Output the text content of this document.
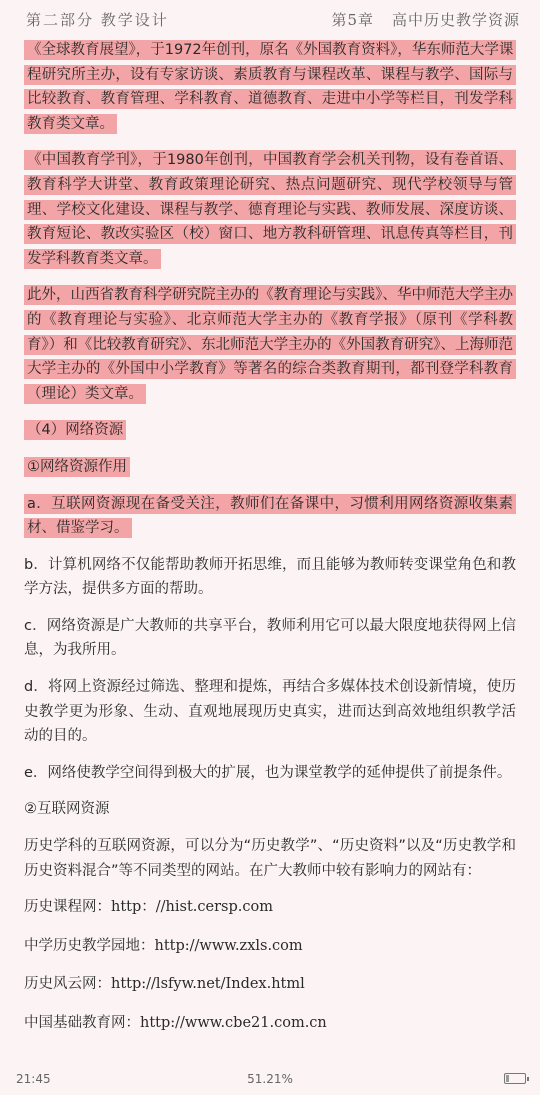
第二部分 教学设计	第5章 高中历史教学资源

《全球教育展望》，于1972年创刊，原名《外国教育资料》，华东师范大学课程研究所主办，设有专家访谈、素质教育与课程改革、课程与教学、国际与比较教育、教育管理、学科教育、道德教育、走进中小学等栏目，刊发学科教育类文章。

《中国教育学刊》，于1980年创刊，中国教育学会机关刊物，设有卷首语、教育科学大讲堂、教育政策理论研究、热点问题研究、现代学校领导与管理、学校文化建设、课程与教学、德育理论与实践、教师发展、深度访谈、教育短论、教改实验区（校）窗口、地方教科研管理、讯息传真等栏目，刊发学科教育类文章。

此外，山西省教育科学研究院主办的《教育理论与实践》、华中师范大学主办的《教育理论与实验》、北京师范大学主办的《教育学报》（原刊《学科教育》）和《比较教育研究》、东北师范大学主办的《外国教育研究》、上海师范大学主办的《外国中小学教育》等著名的综合类教育期刊，都刊登学科教育（理论）类文章。

（4）网络资源

①网络资源作用

a．互联网资源现在备受关注，教师们在备课中，习惯利用网络资源收集素材、借鉴学习。

b．计算机网络不仅能帮助教师开拓思维，而且能够为教师转变课堂角色和教学方法，提供多方面的帮助。

c．网络资源是广大教师的共享平台，教师利用它可以最大限度地获得网上信息，为我所用。

d．将网上资源经过筛选、整理和提炼，再结合多媒体技术创设新情境，使历史教学更为形象、生动、直观地展现历史真实，进而达到高效地组织教学活动的目的。

e．网络使教学空间得到极大的扩展，也为课堂教学的延伸提供了前提条件。

②互联网资源

历史学科的互联网资源，可以分为“历史教学”、“历史资料”以及“历史教学和历史资料混合”等不同类型的网站。在广大教师中较有影响力的网站有：

历史课程网：http：//hist.cersp.com
中学历史教学园地：http://www.zxls.com
历史风云网：http://lsfyw.net/Index.html
中国基础教育网：http://www.cbe21.com.cn
21:45	51.21%
